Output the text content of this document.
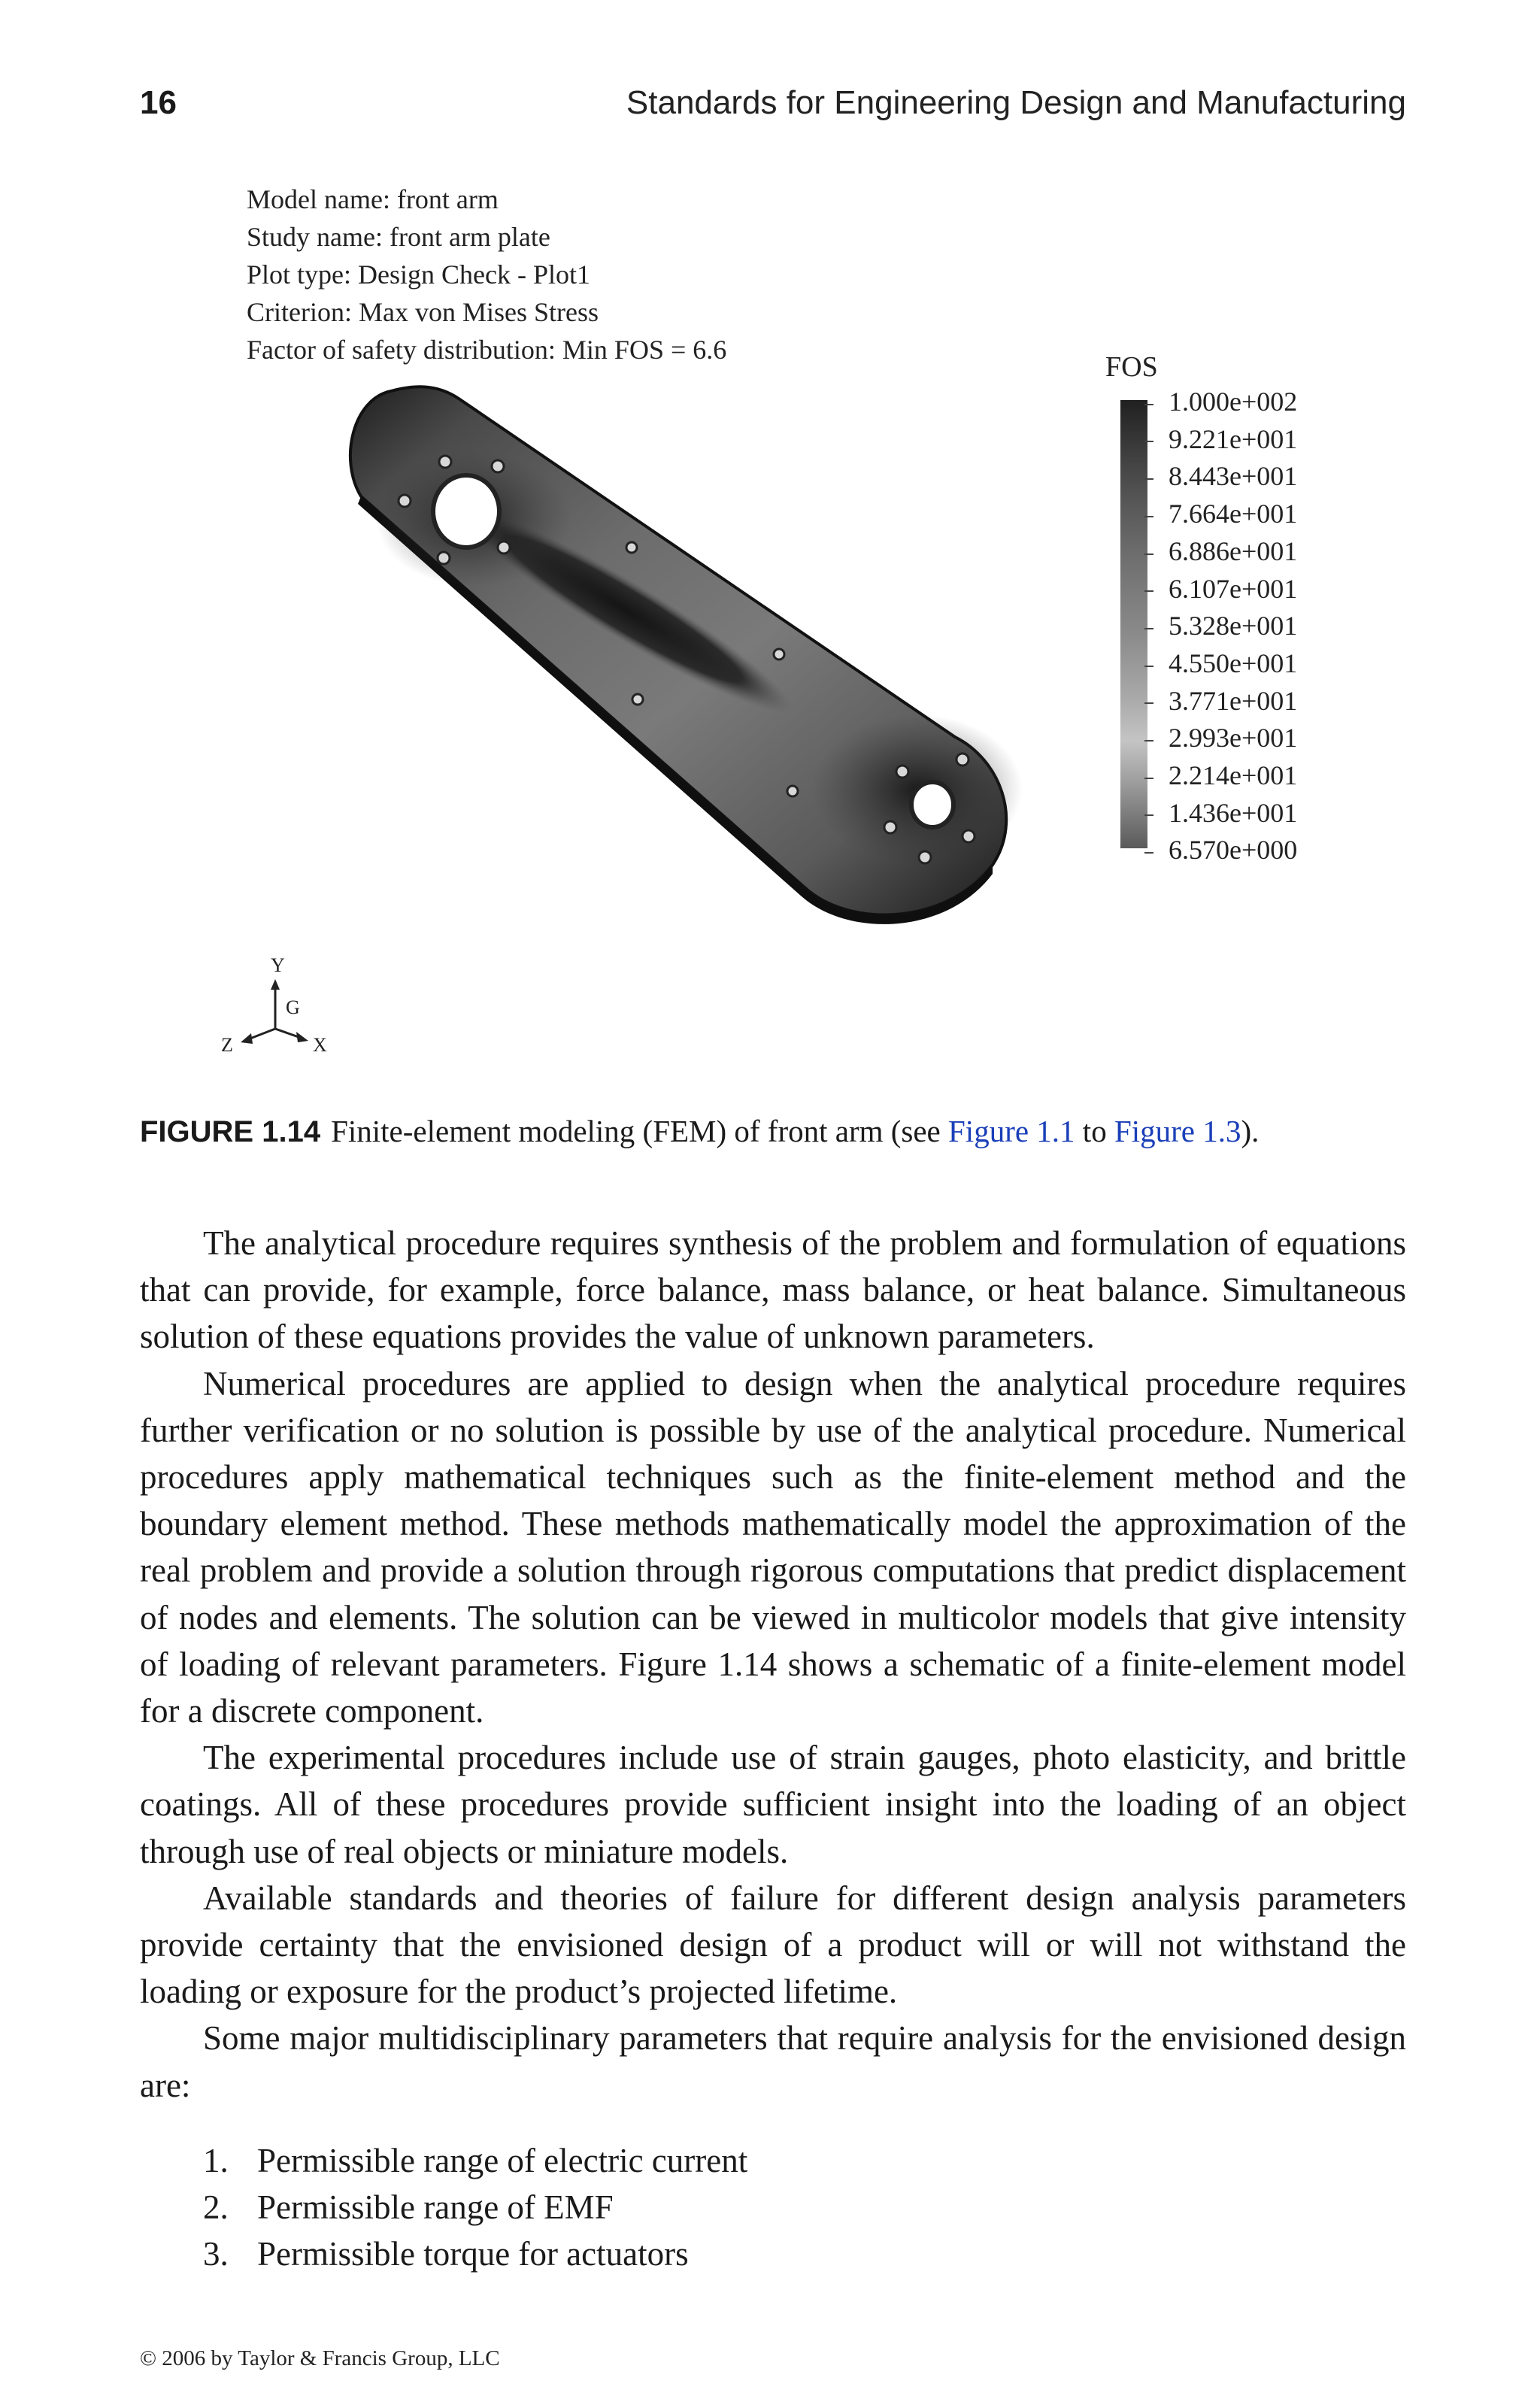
16	Standards for Engineering Design and Manufacturing
Model name: front arm
Study name: front arm plate
Plot type: Design Check - Plot1
Criterion: Max von Mises Stress
Factor of safety distribution: Min FOS = 6.6
FOS
1.000e+002
9.221e+001
8.443e+001
7.664e+001
6.886e+001
6.107e+001
5.328e+001
4.550e+001
3.771e+001
2.993e+001
2.214e+001
1.436e+001
6.570e+000
Y
G
Z	X
FIGURE 1.14 Finite-element modeling (FEM) of front arm (see Figure 1.1 to Figure 1.3).

The analytical procedure requires synthesis of the problem and formulation of equations that can provide, for example, force balance, mass balance, or heat balance. Simultaneous solution of these equations provides the value of unknown parameters.

Numerical procedures are applied to design when the analytical procedure requires further verification or no solution is possible by use of the analytical procedure. Numerical procedures apply mathematical techniques such as the finite-element method and the boundary element method. These methods mathematically model the approximation of the real problem and provide a solution through rigorous computations that predict displacement of nodes and elements. The solution can be viewed in multicolor models that give intensity of loading of relevant parameters. Figure 1.14 shows a schematic of a finite-element model for a discrete component.

The experimental procedures include use of strain gauges, photo elasticity, and brittle coatings. All of these procedures provide sufficient insight into the loading of an object through use of real objects or miniature models.

Available standards and theories of failure for different design analysis parameters provide certainty that the envisioned design of a product will or will not withstand the loading or exposure for the product’s projected lifetime.

Some major multidisciplinary parameters that require analysis for the envisioned design are:

1. Permissible range of electric current
2. Permissible range of EMF
3. Permissible torque for actuators
© 2006 by Taylor & Francis Group, LLC
